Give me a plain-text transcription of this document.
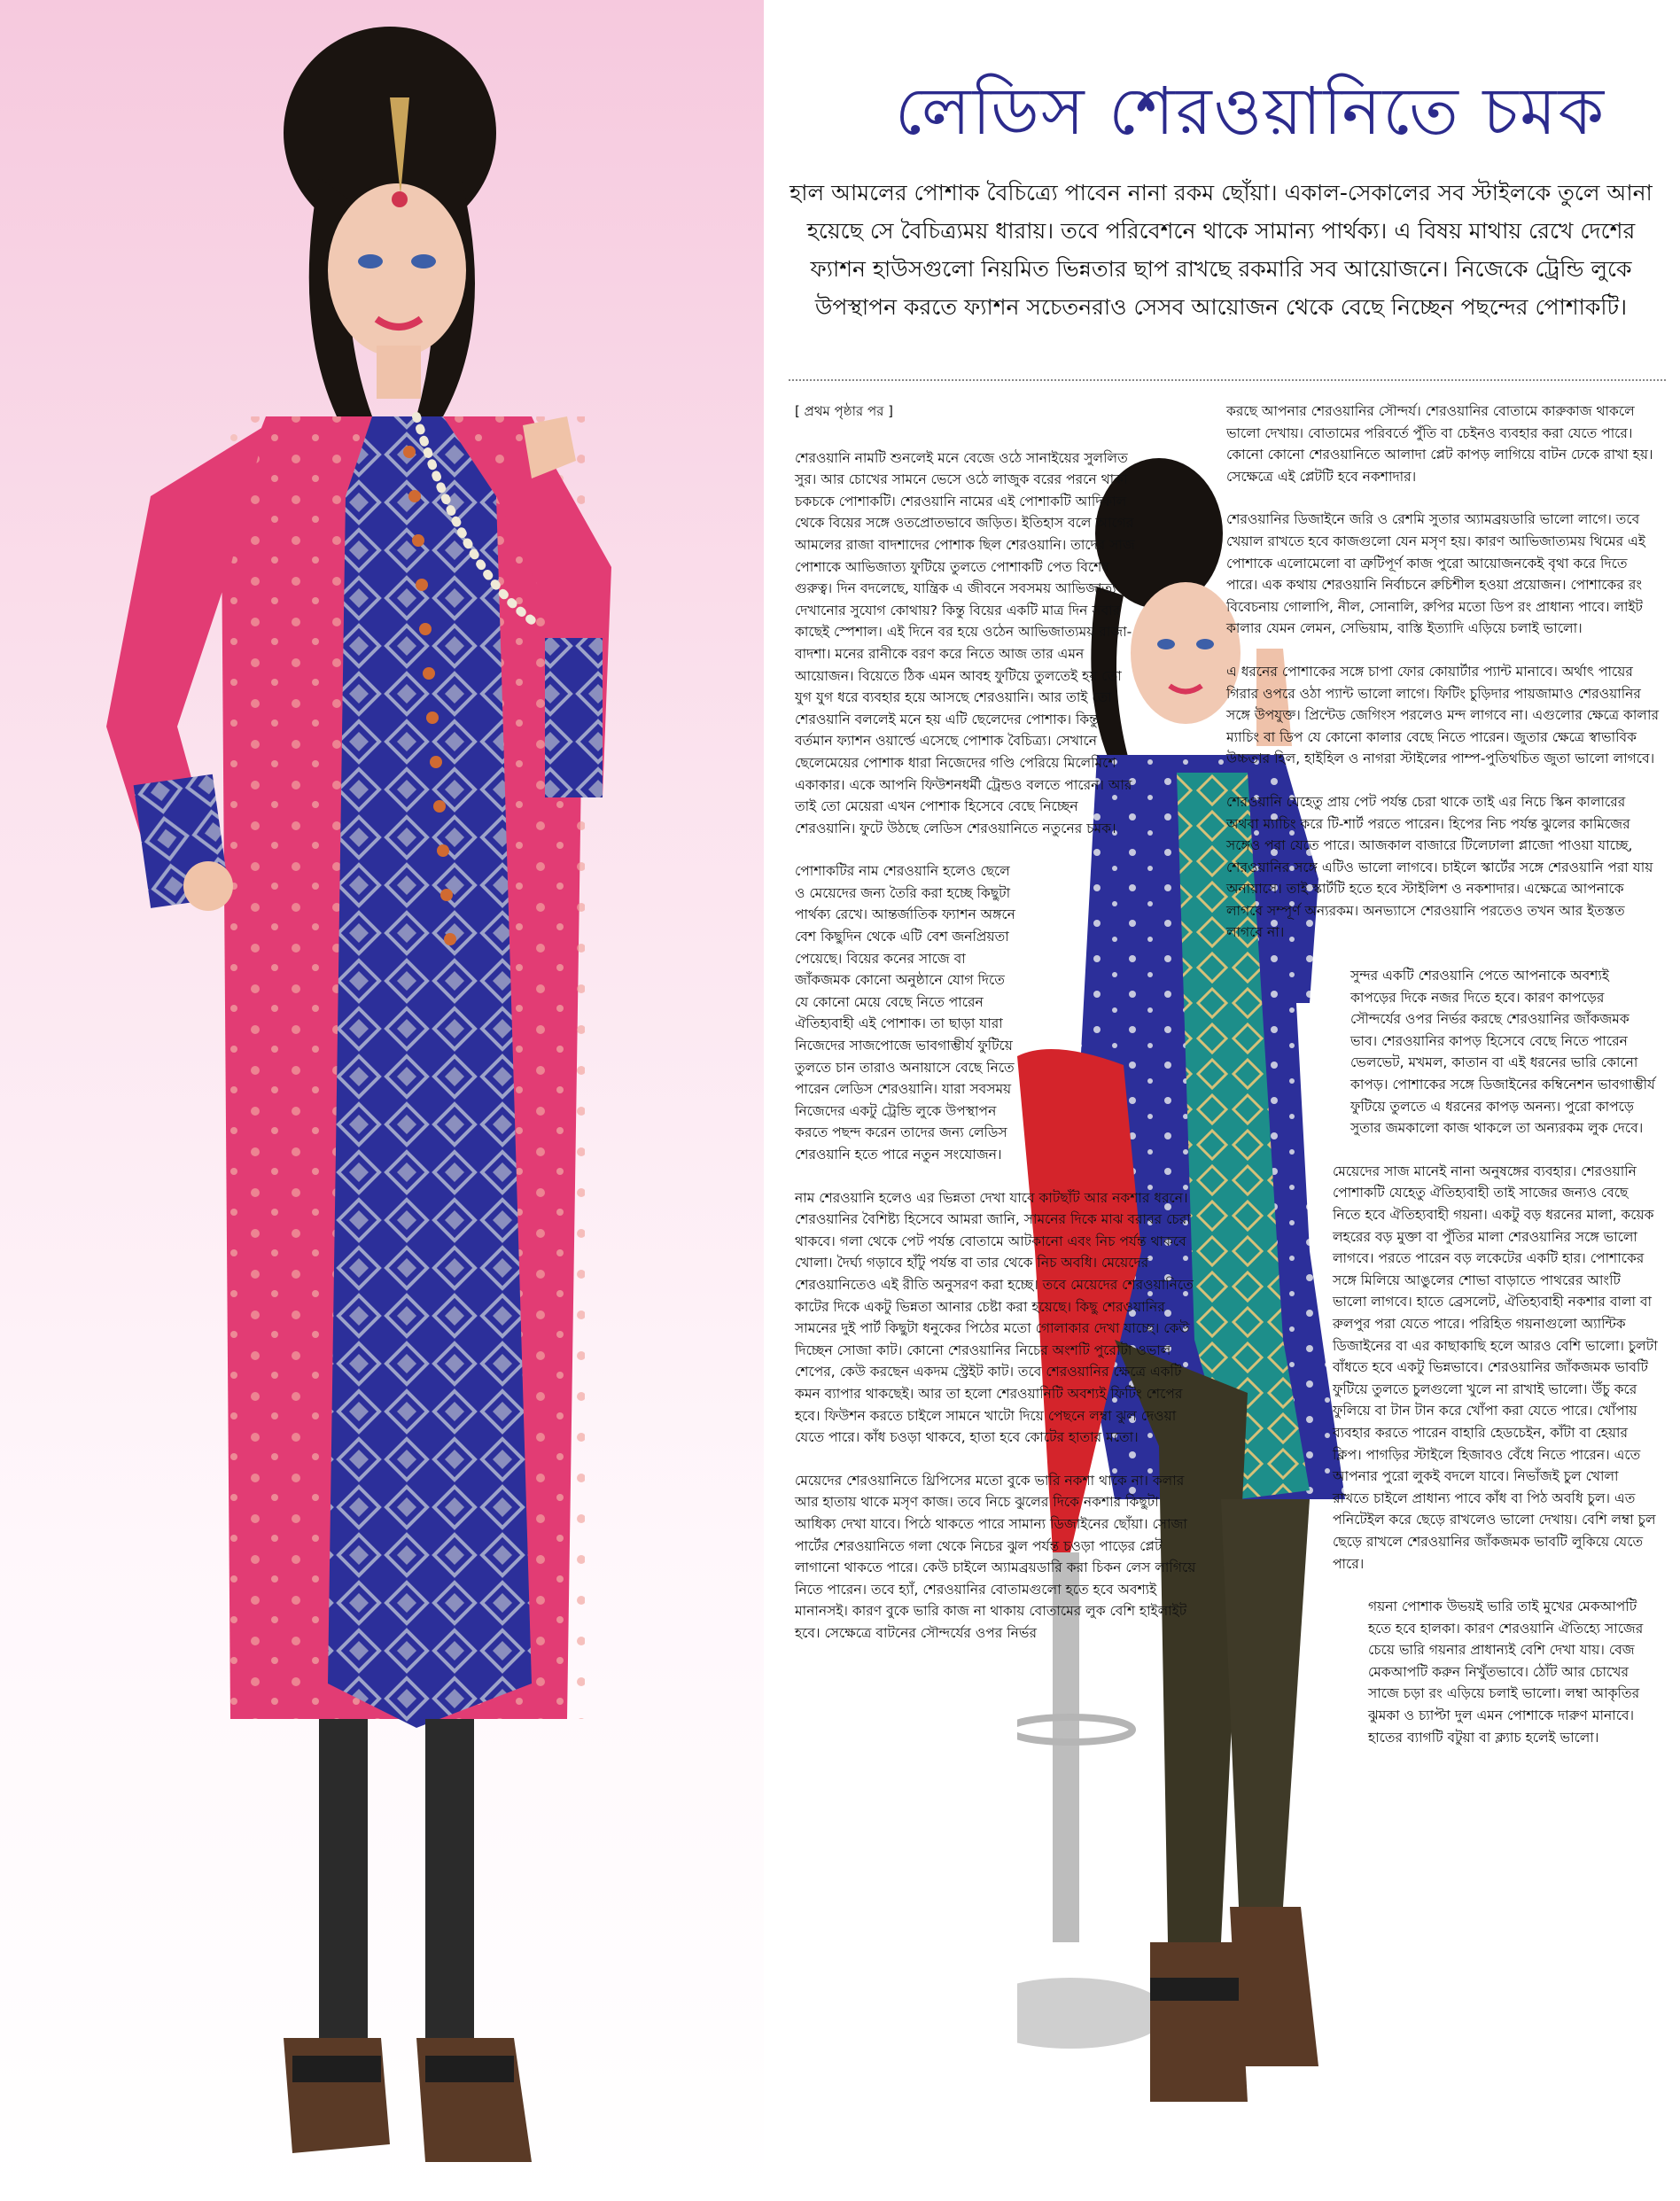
লেডিস শেরওয়ানিতে চমক
হাল আমলের পোশাক বৈচিত্র্যে পাবেন নানা রকম ছোঁয়া। একাল-সেকালের সব স্টাইলকে তুলে আনা হয়েছে সে বৈচিত্র্যময় ধারায়। তবে পরিবেশনে থাকে সামান্য পার্থক্য। এ বিষয় মাথায় রেখে দেশের ফ্যাশন হাউসগুলো নিয়মিত ভিন্নতার ছাপ রাখছে রকমারি সব আয়োজনে। নিজেকে ট্রেন্ডি লুকে উপস্থাপন করতে ফ্যাশন সচেতনরাও সেসব আয়োজন থেকে বেছে নিচ্ছেন পছন্দের পোশাকটি।

[ প্রথম পৃষ্ঠার পর ]

শেরওয়ানি নামটি শুনলেই মনে বেজে ওঠে সানাইয়ের সুললিত সুর। আর চোখের সামনে ভেসে ওঠে লাজুক বরের পরনে থাকা চকচকে পোশাকটি। শেরওয়ানি নামের এই পোশাকটি আদিকাল থেকে বিয়ের সঙ্গে ওতপ্রোতভাবে জড়িত। ইতিহাস বলে আগের আমলের রাজা বাদশাদের পোশাক ছিল শেরওয়ানি। তাদের সাজ পোশাকে আভিজাত্য ফুটিয়ে তুলতে পোশাকটি পেত বিশেষ গুরুত্ব। দিন বদলেছে, যান্ত্রিক এ জীবনে সবসময় আভিজাত্য দেখানোর সুযোগ কোথায়? কিন্তু বিয়ের একটি মাত্র দিন সবার কাছেই স্পেশাল। এই দিনে বর হয়ে ওঠেন আভিজাত্যময় রাজা-বাদশা। মনের রানীকে বরণ করে নিতে আজ তার এমন আয়োজন। বিয়েতে ঠিক এমন আবহ ফুটিয়ে তুলতেই হয় তো যুগ যুগ ধরে ব্যবহার হয়ে আসছে শেরওয়ানি। আর তাই তো শেরওয়ানি বললেই মনে হয় এটি ছেলেদের পোশাক। কিন্তু বর্তমান ফ্যাশন ওয়ার্ল্ডে এসেছে পোশাক বৈচিত্র্য। সেখানে ছেলেমেয়ের পোশাক ধারা নিজেদের গণ্ডি পেরিয়ে মিলেমিশে একাকার। একে আপনি ফিউশনধর্মী ট্রেন্ডও বলতে পারেন। আর তাই তো মেয়েরা এখন পোশাক হিসেবে বেছে নিচ্ছেন শেরওয়ানি। ফুটে উঠছে লেডিস শেরওয়ানিতে নতুনের চমক।

পোশাকটির নাম শেরওয়ানি হলেও ছেলে ও মেয়েদের জন্য তৈরি করা হচ্ছে কিছুটা পার্থক্য রেখে। আন্তর্জাতিক ফ্যাশন অঙ্গনে বেশ কিছুদিন থেকে এটি বেশ জনপ্রিয়তা পেয়েছে। বিয়ের কনের সাজে বা জাঁকজমক কোনো অনুষ্ঠানে যোগ দিতে যে কোনো মেয়ে বেছে নিতে পারেন ঐতিহ্যবাহী এই পোশাক। তা ছাড়া যারা নিজেদের সাজপোজে ভাবগাম্ভীর্য ফুটিয়ে তুলতে চান তারাও অনায়াসে বেছে নিতে পারেন লেডিস শেরওয়ানি। যারা সবসময় নিজেদের একটু ট্রেন্ডি লুকে উপস্থাপন করতে পছন্দ করেন তাদের জন্য লেডিস শেরওয়ানি হতে পারে নতুন সংযোজন।

নাম শেরওয়ানি হলেও এর ভিন্নতা দেখা যাবে কাটছাঁট আর নকশার ধরনে। শেরওয়ানির বৈশিষ্ট্য হিসেবে আমরা জানি, সামনের দিকে মাঝ বরাবর চেরা থাকবে। গলা থেকে পেট পর্যন্ত বোতামে আটকানো এবং নিচ পর্যন্ত থাকবে খোলা। দৈর্ঘ্য গড়াবে হাঁটু পর্যন্ত বা তার থেকে নিচ অবধি। মেয়েদের শেরওয়ানিতেও এই রীতি অনুসরণ করা হচ্ছে। তবে মেয়েদের শেরওয়ানিতে কাটের দিকে একটু ভিন্নতা আনার চেষ্টা করা হয়েছে। কিছু শেরওয়ানির সামনের দুই পার্ট কিছুটা ধনুকের পিঠের মতো গোলাকার দেখা যাচ্ছে। কেউ দিচ্ছেন সোজা কাট। কোনো শেরওয়ানির নিচের অংশটি পুরোটা ওভাল শেপের, কেউ করছেন একদম স্ট্রেইট কাট। তবে শেরওয়ানির ক্ষেত্রে একটি কমন ব্যাপার থাকছেই। আর তা হলো শেরওয়ানিটি অবশ্যই ফিটিং শেপের হবে। ফিউশন করতে চাইলে সামনে খাটো দিয়ে পেছনে লম্বা ঝুল দেওয়া যেতে পারে। কাঁধ চওড়া থাকবে, হাতা হবে কোটের হাতার মতো।

মেয়েদের শেরওয়ানিতে থ্রিপিসের মতো বুকে ভারি নকশা থাকে না। কলার আর হাতায় থাকে মসৃণ কাজ। তবে নিচে ঝুলের দিকে নকশার কিছুটা আধিক্য দেখা যাবে। পিঠে থাকতে পারে সামান্য ডিজাইনের ছোঁয়া। সোজা পার্টের শেরওয়ানিতে গলা থেকে নিচের ঝুল পর্যন্ত চওড়া পাড়ের প্লেট লাগানো থাকতে পারে। কেউ চাইলে অ্যামব্রয়ডারি করা চিকন লেস লাগিয়ে নিতে পারেন। তবে হ্যাঁ, শেরওয়ানির বোতামগুলো হতে হবে অবশ্যই মানানসই। কারণ বুকে ভারি কাজ না থাকায় বোতামের লুক বেশি হাইলাইট হবে। সেক্ষেত্রে বাটনের সৌন্দর্যের ওপর নির্ভর

করছে আপনার শেরওয়ানির সৌন্দর্য। শেরওয়ানির বোতামে কারুকাজ থাকলে ভালো দেখায়। বোতামের পরিবর্তে পুঁতি বা চেইনও ব্যবহার করা যেতে পারে। কোনো কোনো শেরওয়ানিতে আলাদা প্লেট কাপড় লাগিয়ে বাটন ঢেকে রাখা হয়। সেক্ষেত্রে এই প্লেটটি হবে নকশাদার।

শেরওয়ানির ডিজাইনে জরি ও রেশমি সুতার অ্যামব্রয়ডারি ভালো লাগে। তবে খেয়াল রাখতে হবে কাজগুলো যেন মসৃণ হয়। কারণ আভিজাত্যময় থিমের এই পোশাকে এলোমেলো বা ত্রুটিপূর্ণ কাজ পুরো আয়োজনকেই বৃথা করে দিতে পারে। এক কথায় শেরওয়ানি নির্বাচনে রুচিশীল হওয়া প্রয়োজন। পোশাকের রং বিবেচনায় গোলাপি, নীল, সোনালি, রুপির মতো ডিপ রং প্রাধান্য পাবে। লাইট কালার যেমন লেমন, সেভিয়াম, বাস্তি ইত্যাদি এড়িয়ে চলাই ভালো।

এ ধরনের পোশাকের সঙ্গে চাপা ফোর কোয়ার্টার প্যান্ট মানাবে। অর্থাৎ পায়ের গিরার ওপরে ওঠা প্যান্ট ভালো লাগে। ফিটিং চুড়িদার পায়জামাও শেরওয়ানির সঙ্গে উপযুক্ত। প্রিন্টেড জেগিংস পরলেও মন্দ লাগবে না। এগুলোর ক্ষেত্রে কালার ম্যাচিং বা ডিপ যে কোনো কালার বেছে নিতে পারেন। জুতার ক্ষেত্রে স্বাভাবিক উচ্চতার হিল, হাইহিল ও নাগরা স্টাইলের পাম্প-পুতিথচিত জুতা ভালো লাগবে।

শেরওয়ানি যেহেতু প্রায় পেট পর্যন্ত চেরা থাকে তাই এর নিচে স্কিন কালারের অথবা ম্যাচিং করে টি-শার্ট পরতে পারেন। হিপের নিচ পর্যন্ত ঝুলের কামিজের সঙ্গেও পরা যেতে পারে। আজকাল বাজারে টিলেঢালা প্লাজো পাওয়া যাচ্ছে, শেরওয়ানির সঙ্গে এটিও ভালো লাগবে। চাইলে স্কার্টের সঙ্গে শেরওয়ানি পরা যায় অনায়াসে। তাই স্কার্টটি হতে হবে স্টাইলিশ ও নকশাদার। এক্ষেত্রে আপনাকে লাগবে সম্পূর্ণ অন্যরকম। অনভ্যাসে শেরওয়ানি পরতেও তখন আর ইতস্তত লাগবে না।

সুন্দর একটি শেরওয়ানি পেতে আপনাকে অবশ্যই কাপড়ের দিকে নজর দিতে হবে। কারণ কাপড়ের সৌন্দর্যের ওপর নির্ভর করছে শেরওয়ানির জাঁকজমক ভাব। শেরওয়ানির কাপড় হিসেবে বেছে নিতে পারেন ভেলভেট, মখমল, কাতান বা এই ধরনের ভারি কোনো কাপড়। পোশাকের সঙ্গে ডিজাইনের কম্বিনেশন ভাবগাম্ভীর্য ফুটিয়ে তুলতে এ ধরনের কাপড় অনন্য। পুরো কাপড়ে সুতার জমকালো কাজ থাকলে তা অন্যরকম লুক দেবে।

মেয়েদের সাজ মানেই নানা অনুষঙ্গের ব্যবহার। শেরওয়ানি পোশাকটি যেহেতু ঐতিহ্যবাহী তাই সাজের জন্যও বেছে নিতে হবে ঐতিহ্যবাহী গয়না। একটু বড় ধরনের মালা, কয়েক লহরের বড় মুক্তা বা পুঁতির মালা শেরওয়ানির সঙ্গে ভালো লাগবে। পরতে পারেন বড় লকেটের একটি হার। পোশাকের সঙ্গে মিলিয়ে আঙুলের শোভা বাড়াতে পাথরের আংটি ভালো লাগবে। হাতে ব্রেসলেট, ঐতিহ্যবাহী নকশার বালা বা রুলপুর পরা যেতে পারে। পরিহিত গয়নাগুলো অ্যান্টিক ডিজাইনের বা এর কাছাকাছি হলে আরও বেশি ভালো। চুলটা বাঁধতে হবে একটু ভিন্নভাবে। শেরওয়ানির জাঁকজমক ভাবটি ফুটিয়ে তুলতে চুলগুলো খুলে না রাখাই ভালো। উঁচু করে ফুলিয়ে বা টান টান করে খোঁপা করা যেতে পারে। খোঁপায় ব্যবহার করতে পারেন বাহারি হেডচেইন, কাঁটা বা হেয়ার ক্লিপ। পাগড়ির স্টাইলে হিজাবও বেঁধে নিতে পারেন। এতে আপনার পুরো লুকই বদলে যাবে। নিভাঁজই চুল খোলা রাখতে চাইলে প্রাধান্য পাবে কাঁধ বা পিঠ অবধি চুল। এত পনিটেইল করে ছেড়ে রাখলেও ভালো দেখায়। বেশি লম্বা চুল ছেড়ে রাখলে শেরওয়ানির জাঁকজমক ভাবটি লুকিয়ে যেতে পারে।

গয়না পোশাক উভয়ই ভারি তাই মুখের মেকআপটি হতে হবে হালকা। কারণ শেরওয়ানি ঐতিহ্যে সাজের চেয়ে ভারি গয়নার প্রাধান্যই বেশি দেখা যায়। বেজ মেকআপটি করুন নিখুঁতভাবে। ঠোঁট আর চোখের সাজে চড়া রং এড়িয়ে চলাই ভালো। লম্বা আকৃতির ঝুমকা ও চ্যাপ্টা দুল এমন পোশাকে দারুণ মানাবে। হাতের ব্যাগটি বটুয়া বা ক্ল্যাচ হলেই ভালো।
